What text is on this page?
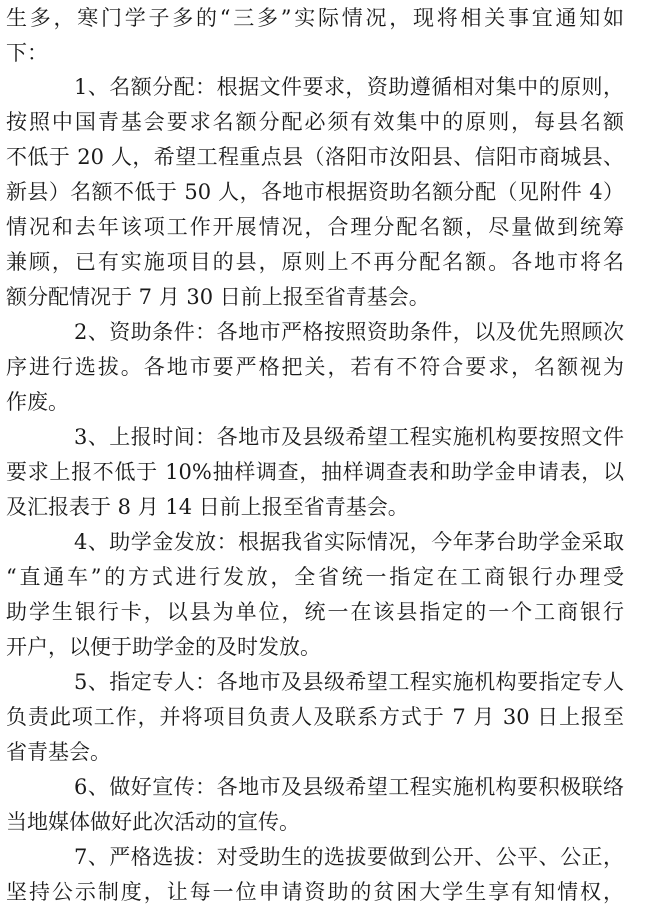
生多，寒门学子多的“三多”实际情况，现将相关事宜通知如
下：
1、名额分配：根据文件要求，资助遵循相对集中的原则，
按照中国青基会要求名额分配必须有效集中的原则，每县名额
不低于 20 人，希望工程重点县（洛阳市汝阳县、信阳市商城县、
新县）名额不低于 50 人，各地市根据资助名额分配（见附件 4）
情况和去年该项工作开展情况，合理分配名额，尽量做到统筹
兼顾，已有实施项目的县，原则上不再分配名额。各地市将名
额分配情况于 7 月 30 日前上报至省青基会。
2、资助条件：各地市严格按照资助条件，以及优先照顾次
序进行选拔。各地市要严格把关，若有不符合要求，名额视为
作废。
3、上报时间：各地市及县级希望工程实施机构要按照文件
要求上报不低于 10%抽样调查，抽样调查表和助学金申请表，以
及汇报表于 8 月 14 日前上报至省青基会。
4、助学金发放：根据我省实际情况，今年茅台助学金采取
“直通车”的方式进行发放，全省统一指定在工商银行办理受
助学生银行卡，以县为单位，统一在该县指定的一个工商银行
开户，以便于助学金的及时发放。
5、指定专人：各地市及县级希望工程实施机构要指定专人
负责此项工作，并将项目负责人及联系方式于 7 月 30 日上报至
省青基会。
6、做好宣传：各地市及县级希望工程实施机构要积极联络
当地媒体做好此次活动的宣传。
7、严格选拔：对受助生的选拔要做到公开、公平、公正，
坚持公示制度，让每一位申请资助的贫困大学生享有知情权，
